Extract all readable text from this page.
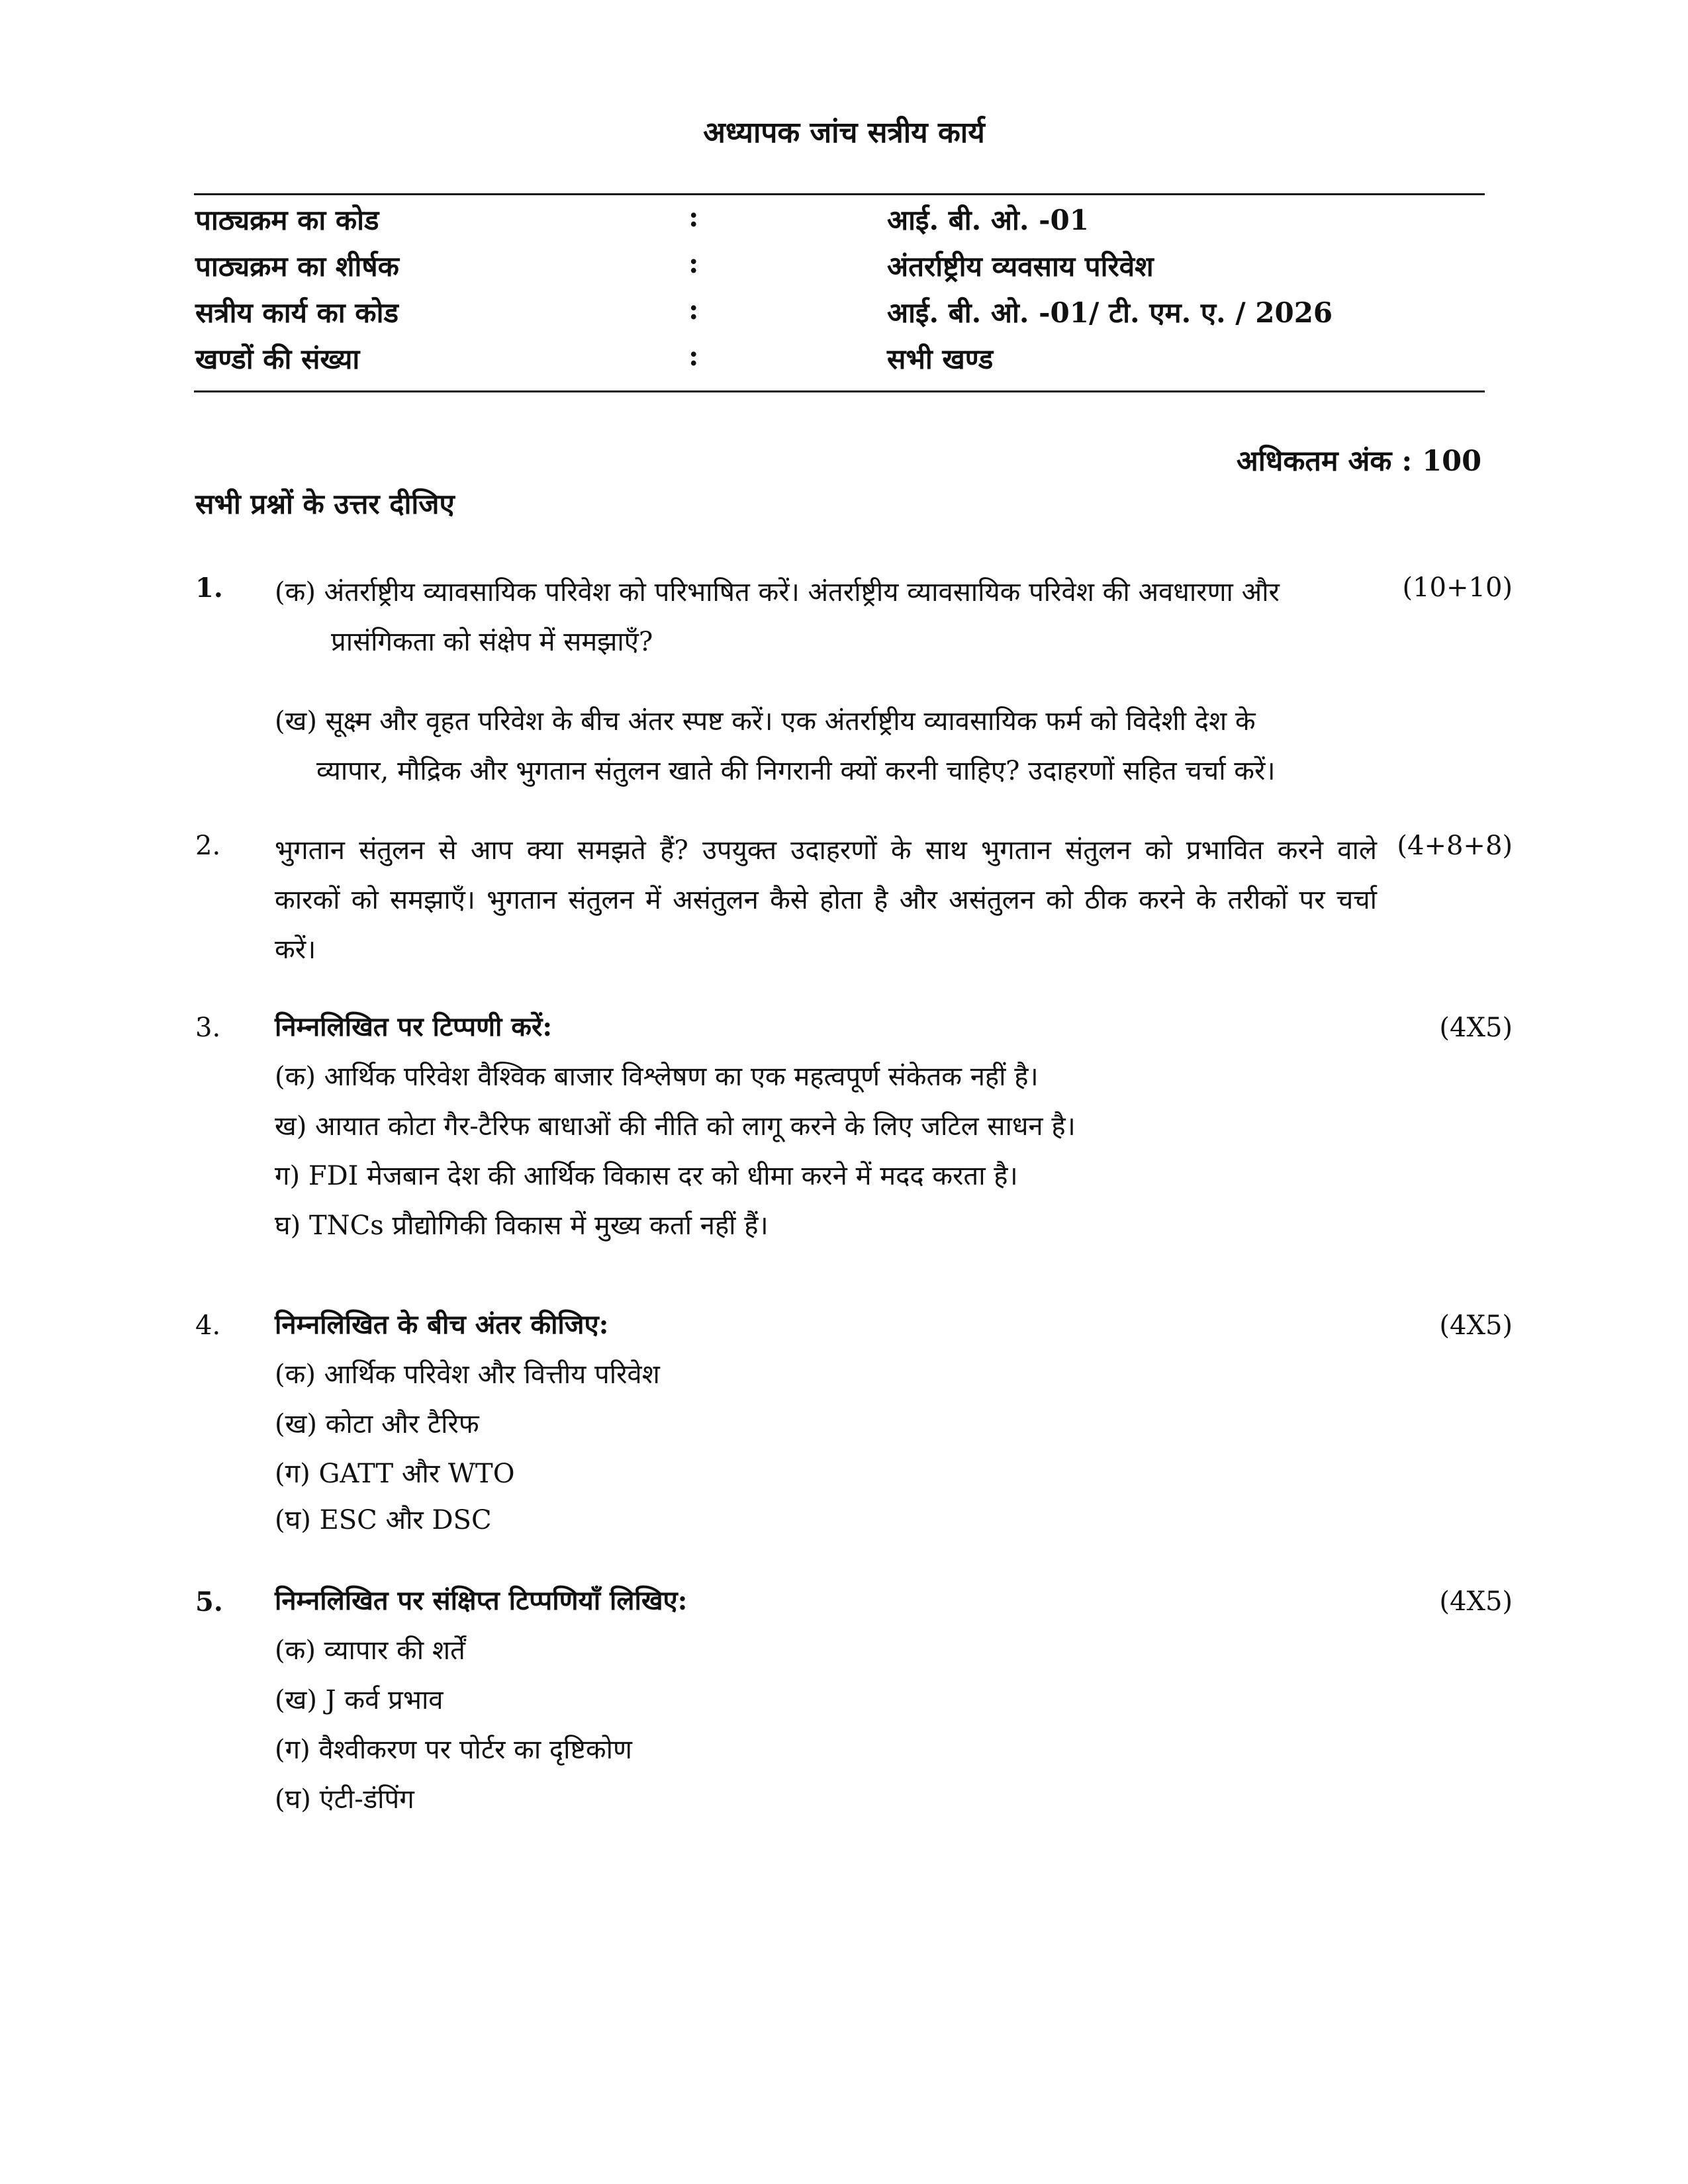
अध्यापक जांच सत्रीय कार्य
पाठ्यक्रम का कोड	:	आई. बी. ओ. -01
पाठ्यक्रम का शीर्षक	:	अंतर्राष्ट्रीय व्यवसाय परिवेश
सत्रीय कार्य का कोड	:	आई. बी. ओ. -01/ टी. एम. ए. / 2026
खण्डों की संख्या	:	सभी खण्ड
अधिकतम अंक : 100
सभी प्रश्नों के उत्तर दीजिए
1.	(10+10)
(क) अंतर्राष्ट्रीय व्यावसायिक परिवेश को परिभाषित करें। अंतर्राष्ट्रीय व्यावसायिक परिवेश की अवधारणा और
प्रासंगिकता को संक्षेप में समझाएँ?
(ख) सूक्ष्म और वृहत परिवेश के बीच अंतर स्पष्ट करें। एक अंतर्राष्ट्रीय व्यावसायिक फर्म को विदेशी देश के
व्यापार, मौद्रिक और भुगतान संतुलन खाते की निगरानी क्यों करनी चाहिए? उदाहरणों सहित चर्चा करें।
2.	(4+8+8)
भुगतान संतुलन से आप क्या समझते हैं? उपयुक्त उदाहरणों के साथ भुगतान संतुलन को प्रभावित करने वाले
कारकों को समझाएँ। भुगतान संतुलन में असंतुलन कैसे होता है और असंतुलन को ठीक करने के तरीकों पर चर्चा
करें।
3.	(4X5)
निम्नलिखित पर टिप्पणी करें:
(क) आर्थिक परिवेश वैश्विक बाजार विश्लेषण का एक महत्वपूर्ण संकेतक नहीं है।
ख) आयात कोटा गैर-टैरिफ बाधाओं की नीति को लागू करने के लिए जटिल साधन है।
ग) FDI मेजबान देश की आर्थिक विकास दर को धीमा करने में मदद करता है।
घ) TNCs प्रौद्योगिकी विकास में मुख्य कर्ता नहीं हैं।
4.	(4X5)
निम्नलिखित के बीच अंतर कीजिए:
(क) आर्थिक परिवेश और वित्तीय परिवेश
(ख) कोटा और टैरिफ
(ग) GATT और WTO
(घ) ESC और DSC
5.	(4X5)
निम्नलिखित पर संक्षिप्त टिप्पणियाँ लिखिए:
(क) व्यापार की शर्तें
(ख) J कर्व प्रभाव
(ग) वैश्वीकरण पर पोर्टर का दृष्टिकोण
(घ) एंटी-डंपिंग
